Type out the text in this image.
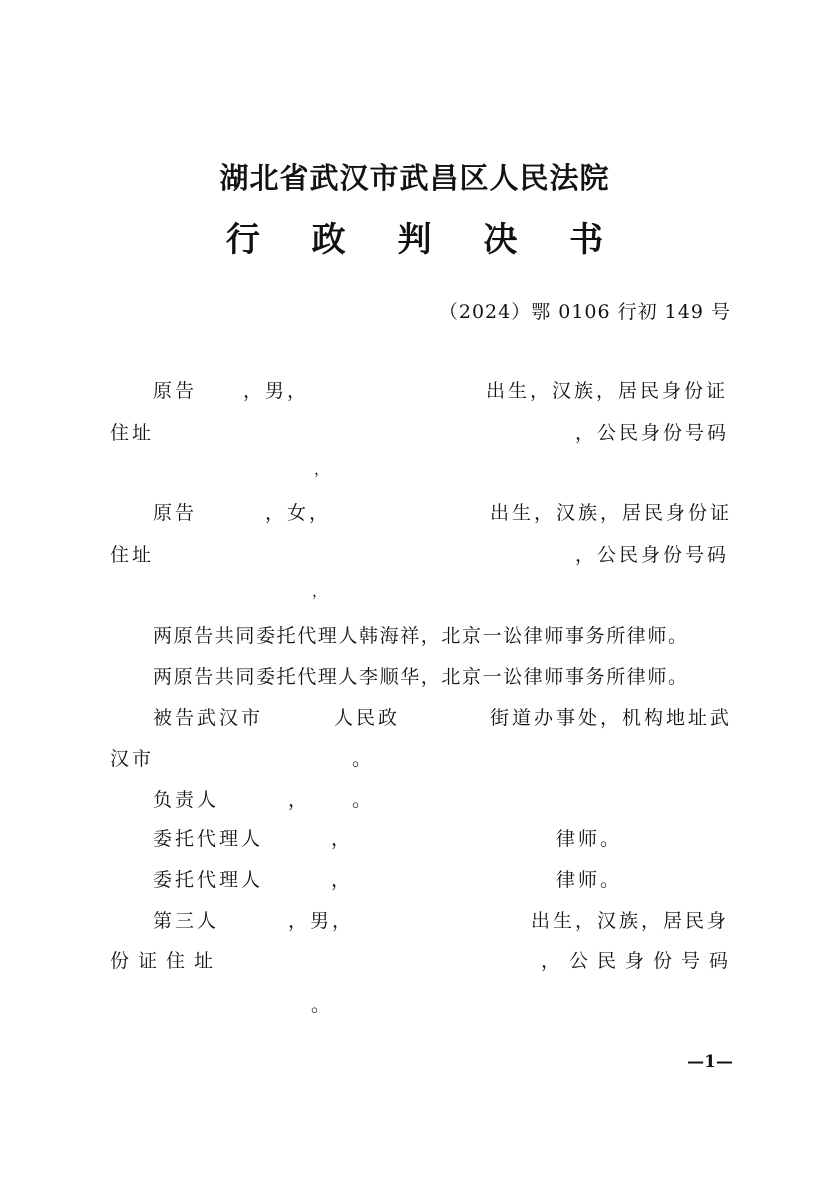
湖北省武汉市武昌区人民法院
行 政 判 决 书
（2024）鄂 0106 行初 149 号
原告 ，男，	出生，汉族，居民身份证
住址	，公民身份号码
，
原告	，女，	出生，汉族，居民身份证
住址	，公民身份号码
，
两原告共同委托代理人韩海祥，北京一讼律师事务所律师。
两原告共同委托代理人李顺华，北京一讼律师事务所律师。
被告武汉市	人民政	街道办事处，机构地址武
汉市	。
负责人	， 。
委托代理人	，	律师。
委托代理人	，	律师。
第三人	，男，	出生，汉族，居民身
份证住址	，公民身份号码
。
—1—
